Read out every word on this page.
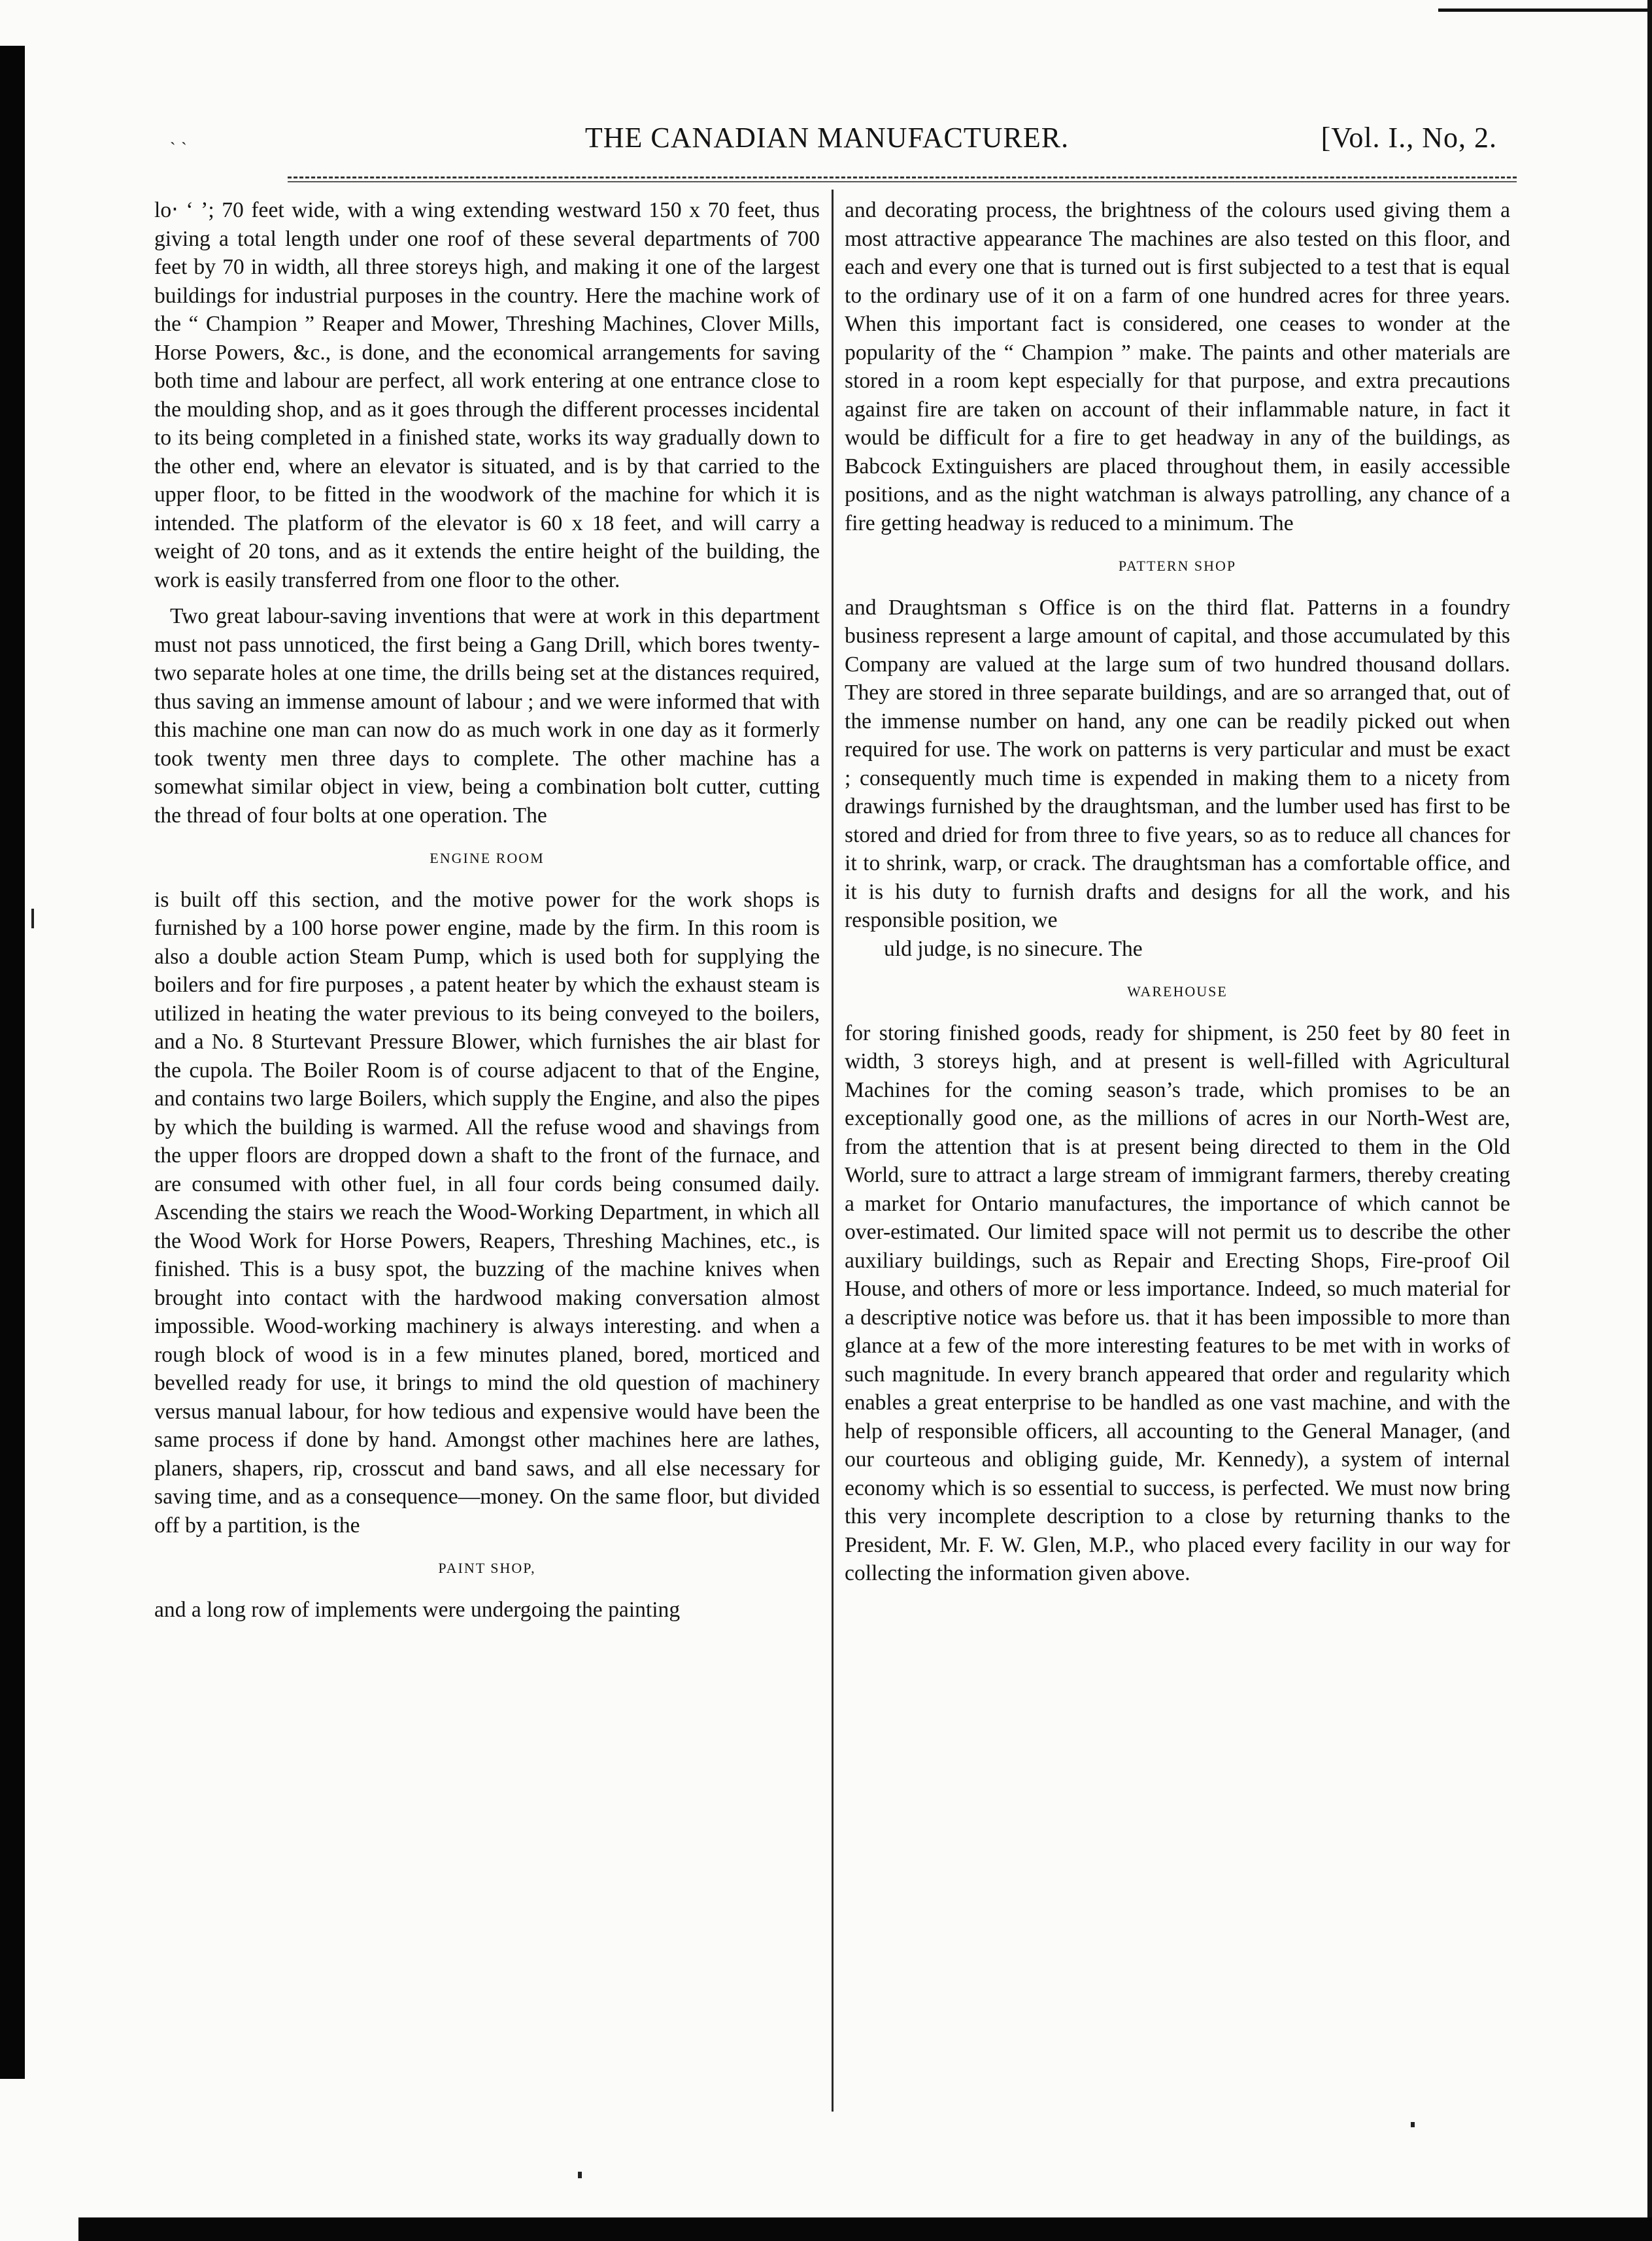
ˎ ˎ	THE CANADIAN MANUFACTURER.	[Vol. I., No, 2.

lo‧ ‘ ʼ; 70 feet wide, with a wing extending westward 150 x 70 feet, thus giving a total length under one roof of these several departments of 700 feet by 70 in width, all three storeys high, and making it one of the largest buildings for industrial purposes in the country. Here the machine work of the “ Champion ” Reaper and Mower, Threshing Machines, Clover Mills, Horse Powers, &c., is done, and the economical arrangements for saving both time and labour are perfect, all work entering at one entrance close to the moulding shop, and as it goes through the different processes incidental to its being completed in a finished state, works its way gradually down to the other end, where an elevator is situated, and is by that carried to the upper floor, to be fitted in the woodwork of the machine for which it is intended. The platform of the elevator is 60 x 18 feet, and will carry a weight of 20 tons, and as it extends the entire height of the building, the work is easily transferred from one floor to the other.

Two great labour-saving inventions that were at work in this department must not pass unnoticed, the first being a Gang Drill, which bores twenty-two separate holes at one time, the drills being set at the distances required, thus saving an immense amount of labour ; and we were informed that with this machine one man can now do as much work in one day as it formerly took twenty men three days to complete. The other machine has a somewhat similar object in view, being a combination bolt cutter, cutting the thread of four bolts at one operation. The

ENGINE ROOM

is built off this section, and the motive power for the work shops is furnished by a 100 horse power engine, made by the firm. In this room is also a double action Steam Pump, which is used both for supplying the boilers and for fire purposes , a patent heater by which the exhaust steam is utilized in heating the water previous to its being conveyed to the boilers, and a No. 8 Sturtevant Pressure Blower, which furnishes the air blast for the cupola. The Boiler Room is of course adjacent to that of the Engine, and contains two large Boilers, which supply the Engine, and also the pipes by which the building is warmed. All the refuse wood and shavings from the upper floors are dropped down a shaft to the front of the furnace, and are consumed with other fuel, in all four cords being consumed daily. Ascending the stairs we reach the Wood-Working Department, in which all the Wood Work for Horse Powers, Reapers, Threshing Machines, etc., is finished. This is a busy spot, the buzzing of the machine knives when brought into contact with the hardwood making conversation almost impossible. Wood-working machinery is always interesting. and when a rough block of wood is in a few minutes planed, bored, morticed and bevelled ready for use, it brings to mind the old question of machinery versus manual labour, for how tedious and expensive would have been the same process if done by hand. Amongst other machines here are lathes, planers, shapers, rip, crosscut and band saws, and all else necessary for saving time, and as a consequence—money. On the same floor, but divided off by a partition, is the

PAINT SHOP,

and a long row of implements were undergoing the painting

and decorating process, the brightness of the colours used giving them a most attractive appearance The machines are also tested on this floor, and each and every one that is turned out is first subjected to a test that is equal to the ordinary use of it on a farm of one hundred acres for three years. When this important fact is considered, one ceases to wonder at the popularity of the “ Champion ” make. The paints and other materials are stored in a room kept especially for that purpose, and extra precautions against fire are taken on account of their inflammable nature, in fact it would be difficult for a fire to get headway in any of the buildings, as Babcock Extinguishers are placed throughout them, in easily accessible positions, and as the night watchman is always patrolling, any chance of a fire getting headway is reduced to a minimum. The

PATTERN SHOP

and Draughtsman s Office is on the third flat. Patterns in a foundry business represent a large amount of capital, and those accumulated by this Company are valued at the large sum of two hundred thousand dollars. They are stored in three separate buildings, and are so arranged that, out of the immense number on hand, any one can be readily picked out when required for use. The work on patterns is very particular and must be exact ; consequently much time is expended in making them to a nicety from drawings furnished by the draughtsman, and the lumber used has first to be stored and dried for from three to five years, so as to reduce all chances for it to shrink, warp, or crack. The draughtsman has a comfortable office, and it is his duty to furnish drafts and designs for all the work, and his responsible position, we

uld judge, is no sinecure. The

WAREHOUSE

for storing finished goods, ready for shipment, is 250 feet by 80 feet in width, 3 storeys high, and at present is well-filled with Agricultural Machines for the coming season’s trade, which promises to be an exceptionally good one, as the millions of acres in our North-West are, from the attention that is at present being directed to them in the Old World, sure to attract a large stream of immigrant farmers, thereby creating a market for Ontario manufactures, the importance of which cannot be over-estimated. Our limited space will not permit us to describe the other auxiliary buildings, such as Repair and Erecting Shops, Fire-proof Oil House, and others of more or less importance. Indeed, so much material for a descriptive notice was before us. that it has been impossible to more than glance at a few of the more interesting features to be met with in works of such magnitude. In every branch appeared that order and regularity which enables a great enterprise to be handled as one vast machine, and with the help of responsible officers, all accounting to the General Manager, (and our courteous and obliging guide, Mr. Kennedy), a system of internal economy which is so essential to success, is perfected. We must now bring this very incomplete description to a close by returning thanks to the President, Mr. F. W. Glen, M.P., who placed every facility in our way for collecting the information given above.
